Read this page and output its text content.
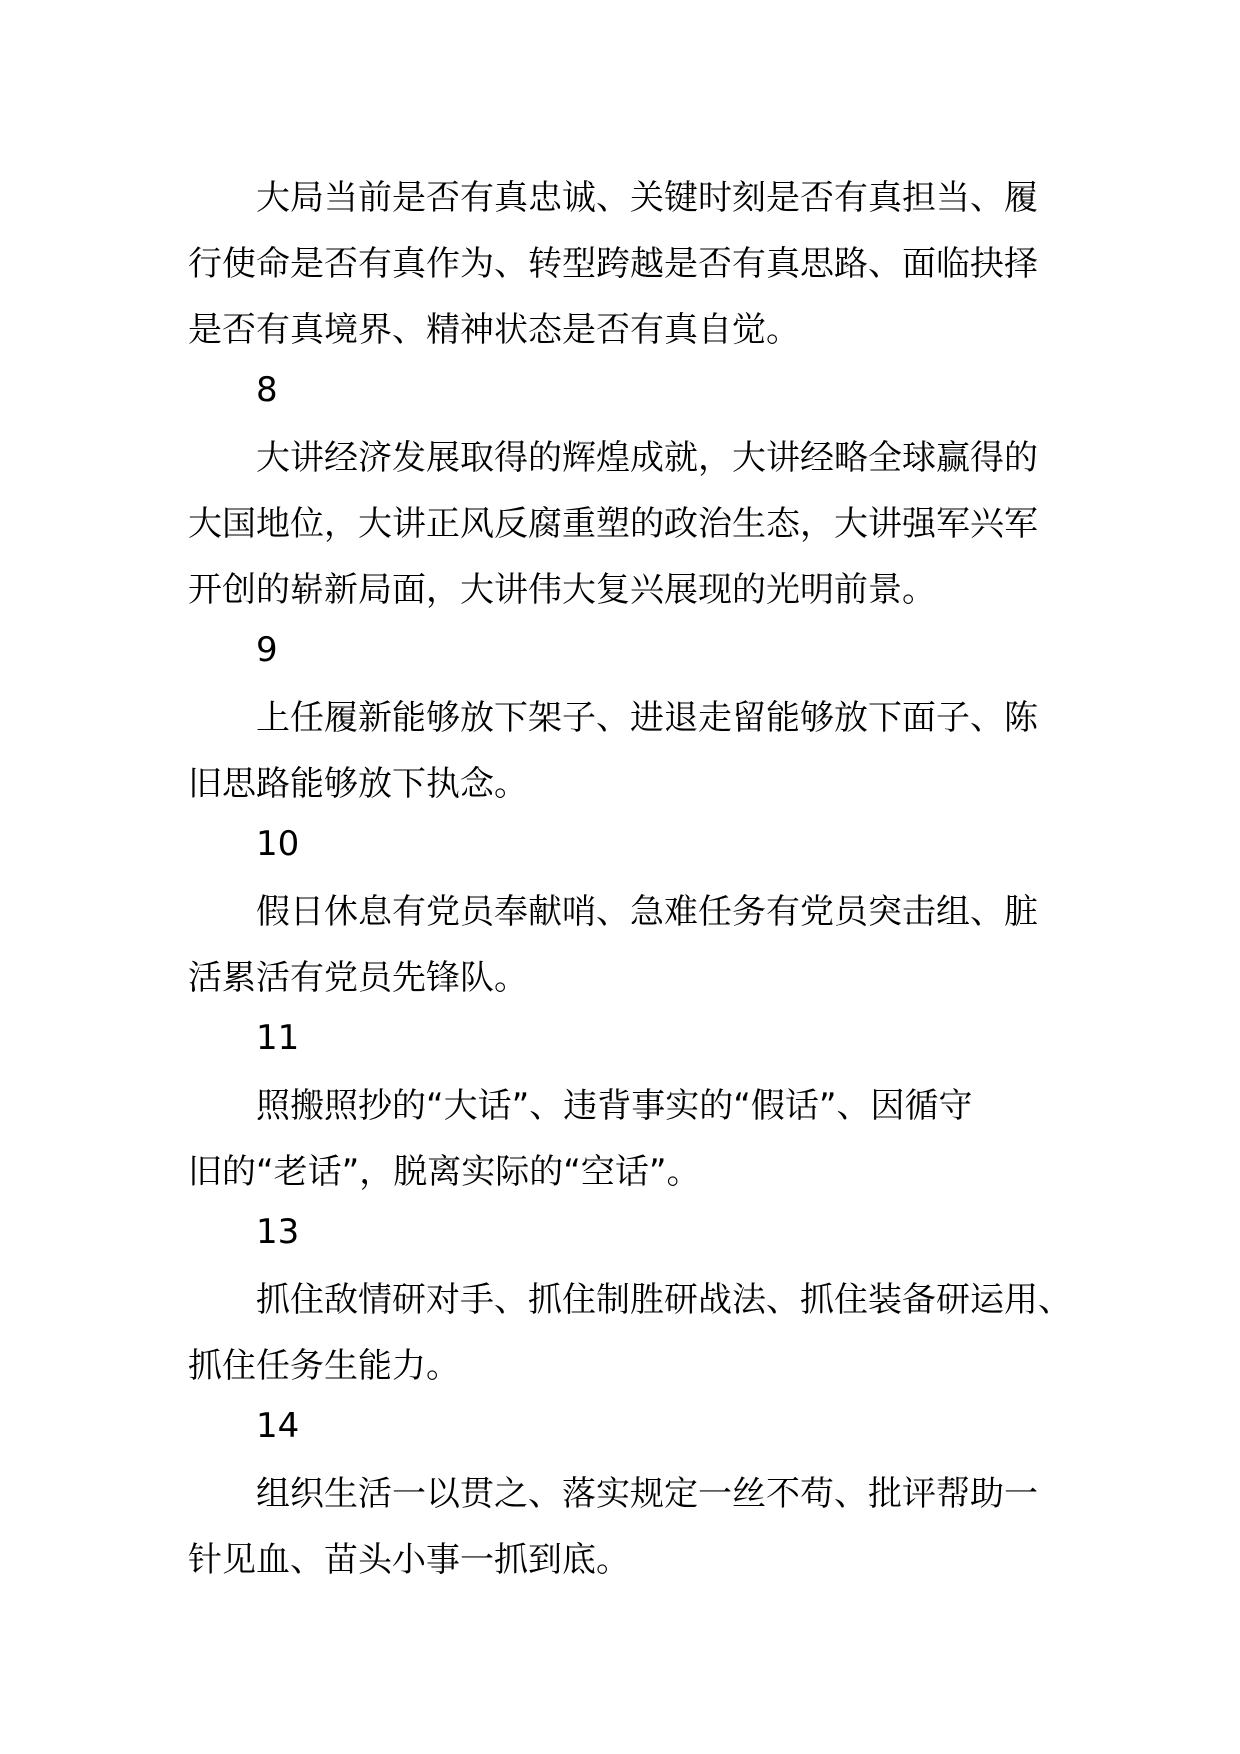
大局当前是否有真忠诚、关键时刻是否有真担当、履

行使命是否有真作为、转型跨越是否有真思路、面临抉择

是否有真境界、精神状态是否有真自觉。

8

大讲经济发展取得的辉煌成就，大讲经略全球赢得的

大国地位，大讲正风反腐重塑的政治生态，大讲强军兴军

开创的崭新局面，大讲伟大复兴展现的光明前景。

9

上任履新能够放下架子、进退走留能够放下面子、陈

旧思路能够放下执念。

10

假日休息有党员奉献哨、急难任务有党员突击组、脏

活累活有党员先锋队。

11

照搬照抄的“大话”、违背事实的“假话”、因循守

旧的“老话”，脱离实际的“空话”。

13

抓住敌情研对手、抓住制胜研战法、抓住装备研运用、

抓住任务生能力。

14

组织生活一以贯之、落实规定一丝不苟、批评帮助一

针见血、苗头小事一抓到底。
